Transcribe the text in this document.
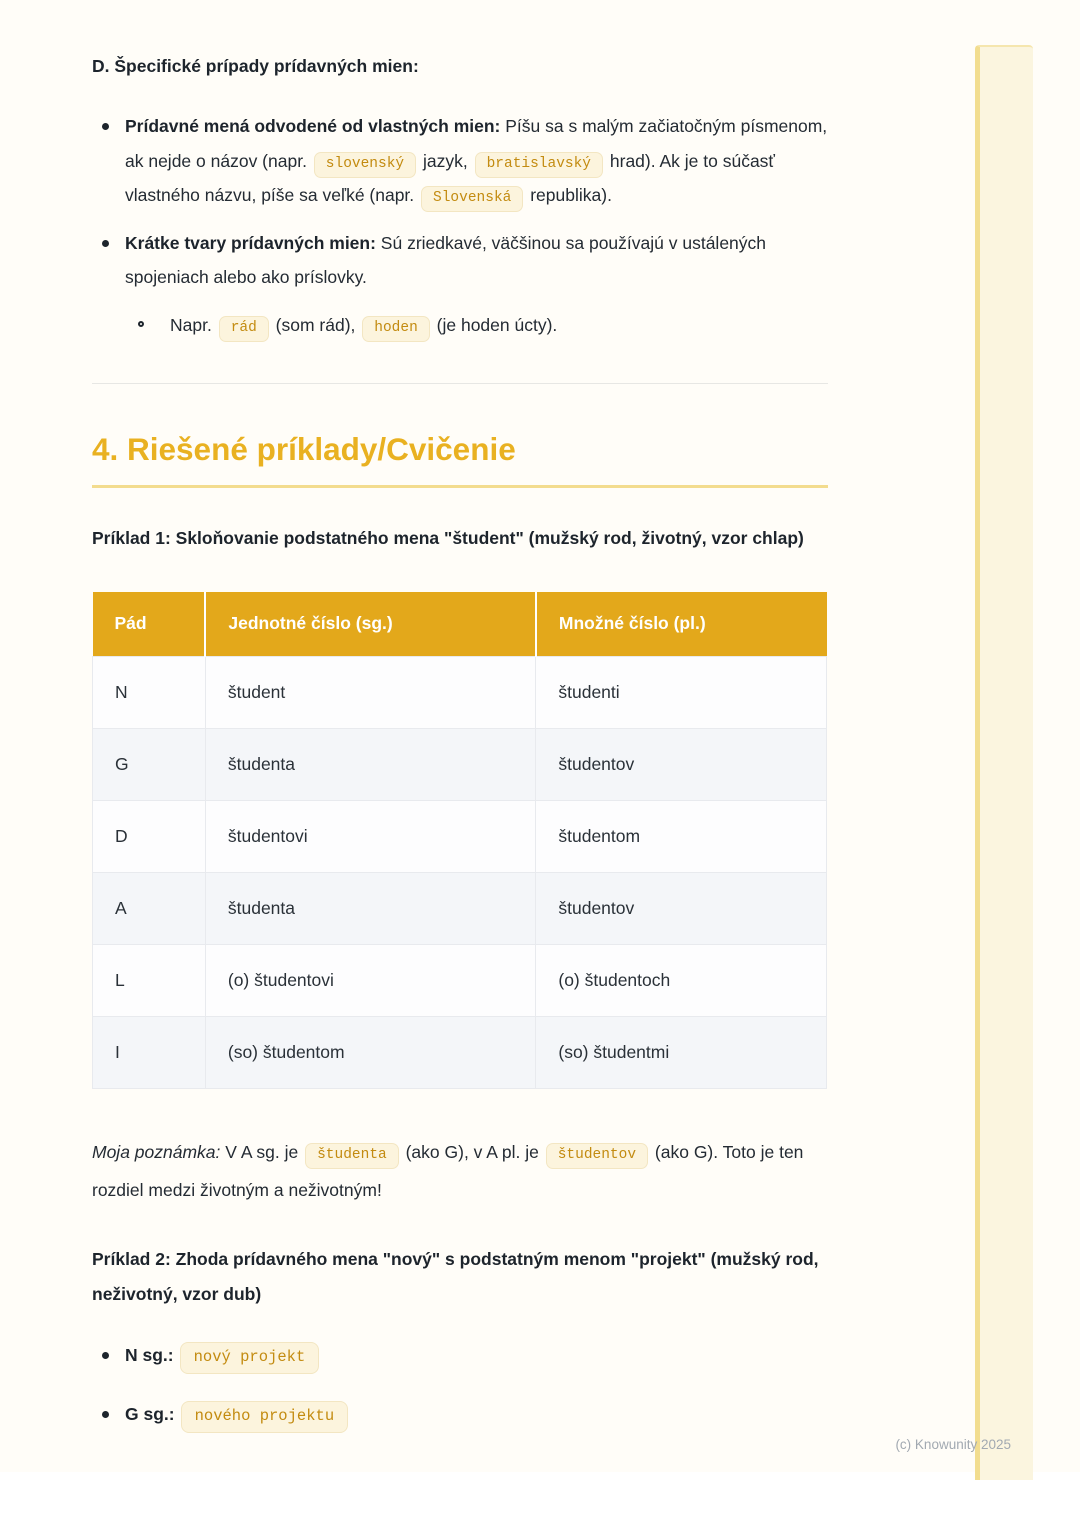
D. Špecifické prípady prídavných mien:
Prídavné mená odvodené od vlastných mien: Píšu sa s malým začiatočným písmenom, ak nejde o názov (napr. slovenský jazyk, bratislavský hrad). Ak je to súčasť vlastného názvu, píše sa veľké (napr. Slovenská republika).
Krátke tvary prídavných mien: Sú zriedkavé, väčšinou sa používajú v ustálených spojeniach alebo ako príslovky.
Napr. rád (som rád), hoden (je hoden úcty).
4. Riešené príklady/Cvičenie
Príklad 1: Skloňovanie podstatného mena "študent" (mužský rod, životný, vzor chlap)
Pád	Jednotné číslo (sg.)	Množné číslo (pl.)
N	študent	študenti
G	študenta	študentov
D	študentovi	študentom
A	študenta	študentov
L	(o) študentovi	(o) študentoch
I	(so) študentom	(so) študentmi
Moja poznámka: V A sg. je študenta (ako G), v A pl. je študentov (ako G). Toto je ten rozdiel medzi životným a neživotným!
Príklad 2: Zhoda prídavného mena "nový" s podstatným menom "projekt" (mužský rod, neživotný, vzor dub)
N sg.: nový projekt
G sg.: nového projektu
(c) Knowunity 2025
